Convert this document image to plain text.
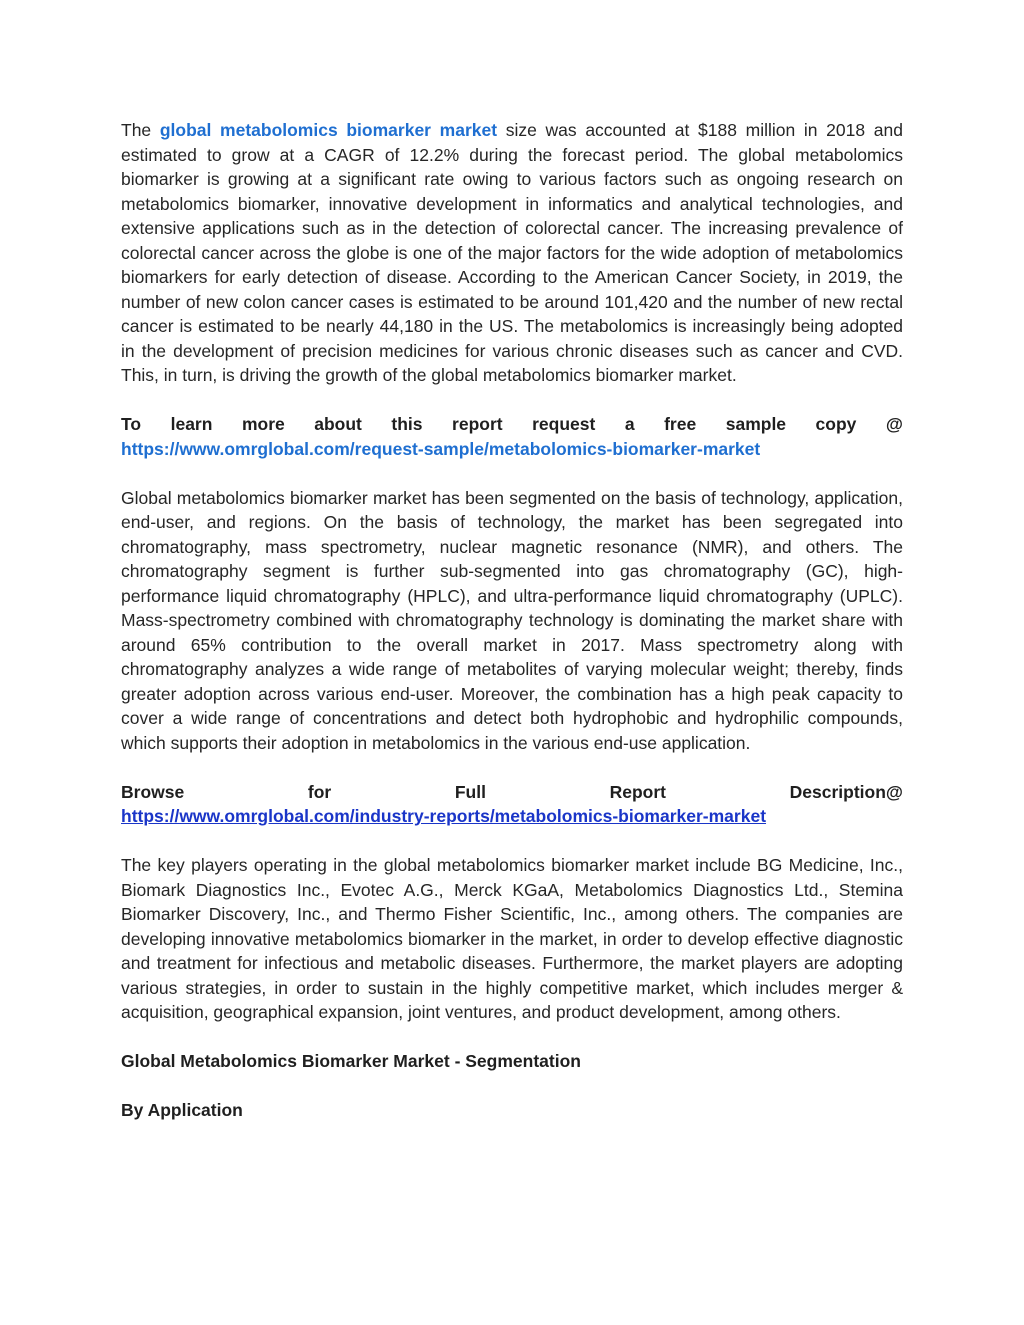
The global metabolomics biomarker market size was accounted at $188 million in 2018 and estimated to grow at a CAGR of 12.2% during the forecast period. The global metabolomics biomarker is growing at a significant rate owing to various factors such as ongoing research on metabolomics biomarker, innovative development in informatics and analytical technologies, and extensive applications such as in the detection of colorectal cancer. The increasing prevalence of colorectal cancer across the globe is one of the major factors for the wide adoption of metabolomics biomarkers for early detection of disease. According to the American Cancer Society, in 2019, the number of new colon cancer cases is estimated to be around 101,420 and the number of new rectal cancer is estimated to be nearly 44,180 in the US. The metabolomics is increasingly being adopted in the development of precision medicines for various chronic diseases such as cancer and CVD. This, in turn, is driving the growth of the global metabolomics biomarker market.

To learn more about this report request a free sample copy @ https://www.omrglobal.com/request-sample/metabolomics-biomarker-market

Global metabolomics biomarker market has been segmented on the basis of technology, application, end-user, and regions. On the basis of technology, the market has been segregated into chromatography, mass spectrometry, nuclear magnetic resonance (NMR), and others. The chromatography segment is further sub-segmented into gas chromatography (GC), high-performance liquid chromatography (HPLC), and ultra-performance liquid chromatography (UPLC). Mass-spectrometry combined with chromatography technology is dominating the market share with around 65% contribution to the overall market in 2017. Mass spectrometry along with chromatography analyzes a wide range of metabolites of varying molecular weight; thereby, finds greater adoption across various end-user. Moreover, the combination has a high peak capacity to cover a wide range of concentrations and detect both hydrophobic and hydrophilic compounds, which supports their adoption in metabolomics in the various end-use application.

Browse for Full Report Description@ https://www.omrglobal.com/industry-reports/metabolomics-biomarker-market

The key players operating in the global metabolomics biomarker market include BG Medicine, Inc., Biomark Diagnostics Inc., Evotec A.G., Merck KGaA, Metabolomics Diagnostics Ltd., Stemina Biomarker Discovery, Inc., and Thermo Fisher Scientific, Inc., among others. The companies are developing innovative metabolomics biomarker in the market, in order to develop effective diagnostic and treatment for infectious and metabolic diseases. Furthermore, the market players are adopting various strategies, in order to sustain in the highly competitive market, which includes merger & acquisition, geographical expansion, joint ventures, and product development, among others.

Global Metabolomics Biomarker Market - Segmentation

By Application
